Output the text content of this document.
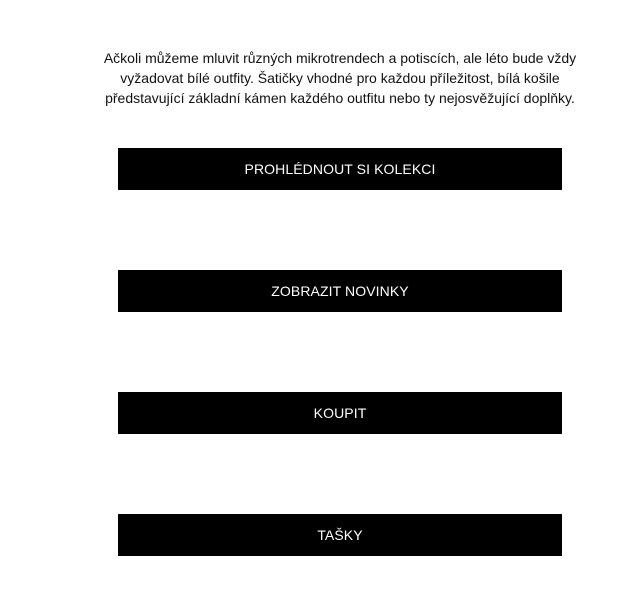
Ačkoli můžeme mluvit různých mikrotrendech a potiscích, ale léto bude vždy vyžadovat bílé outfity. Šatičky vhodné pro každou příležitost, bílá košile představující základní kámen každého outfitu nebo ty nejosvěžující doplňky.

PROHLÉDNOUT SI KOLEKCI
ZOBRAZIT NOVINKY
KOUPIT
TAŠKY
